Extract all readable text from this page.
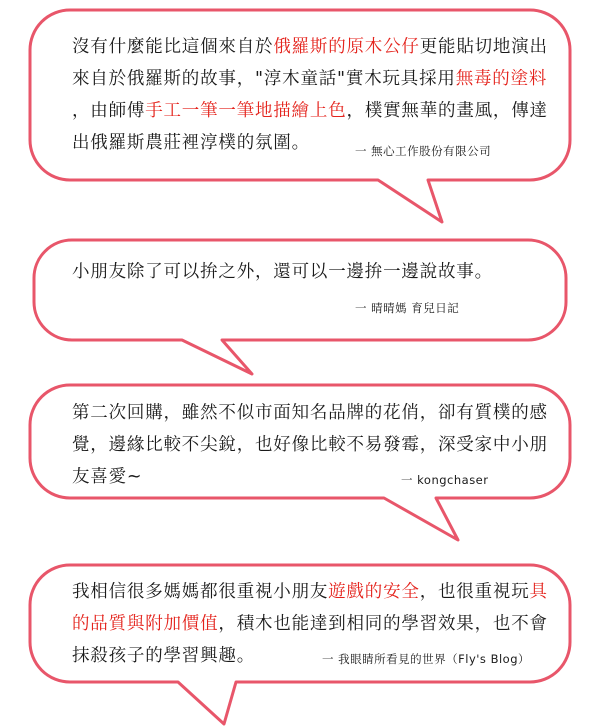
沒有什麼能比這個來自於俄羅斯的原木公仔更能貼切地演出
來自於俄羅斯的故事，"淳木童話"實木玩具採用無毒的塗料
，由師傅手工一筆一筆地描繪上色，樸實無華的畫風，傳達
出俄羅斯農莊裡淳樸的氛圍。	一 無心工作股份有限公司
小朋友除了可以拚之外，還可以一邊拚一邊說故事。
一 晴晴媽 育兒日記
第二次回購，雖然不似市面知名品牌的花俏，卻有質樸的感
覺，邊緣比較不尖銳，也好像比較不易發霉，深受家中小朋
友喜愛~	一 kongchaser
我相信很多媽媽都很重視小朋友遊戲的安全，也很重視玩具
的品質與附加價值，積木也能達到相同的學習效果，也不會
抹殺孩子的學習興趣。	一 我眼睛所看見的世界（Fly's Blog）
